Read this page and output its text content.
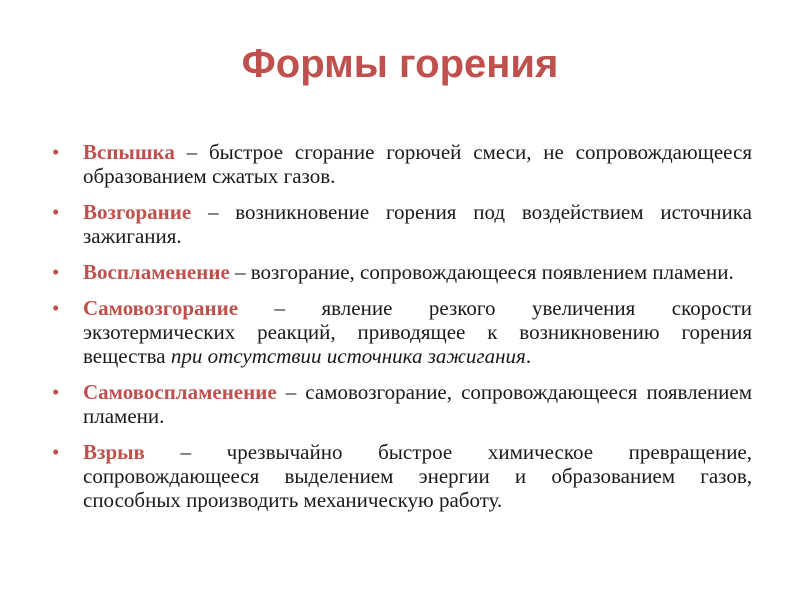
Формы горения
• Вспышка – быстрое сгорание горючей смеси, не сопровождающееся образованием сжатых газов.
• Возгорание – возникновение горения под воздействием источника зажигания.
• Воспламенение – возгорание, сопровождающееся появлением пламени.
• Самовозгорание – явление резкого увеличения скорости экзотермических реакций, приводящее к возникновению горения вещества при отсутствии источника зажигания.
• Самовоспламенение – самовозгорание, сопровождающееся появлением пламени.
• Взрыв – чрезвычайно быстрое химическое превращение, сопровождающееся выделением энергии и образованием газов, способных производить механическую работу.
